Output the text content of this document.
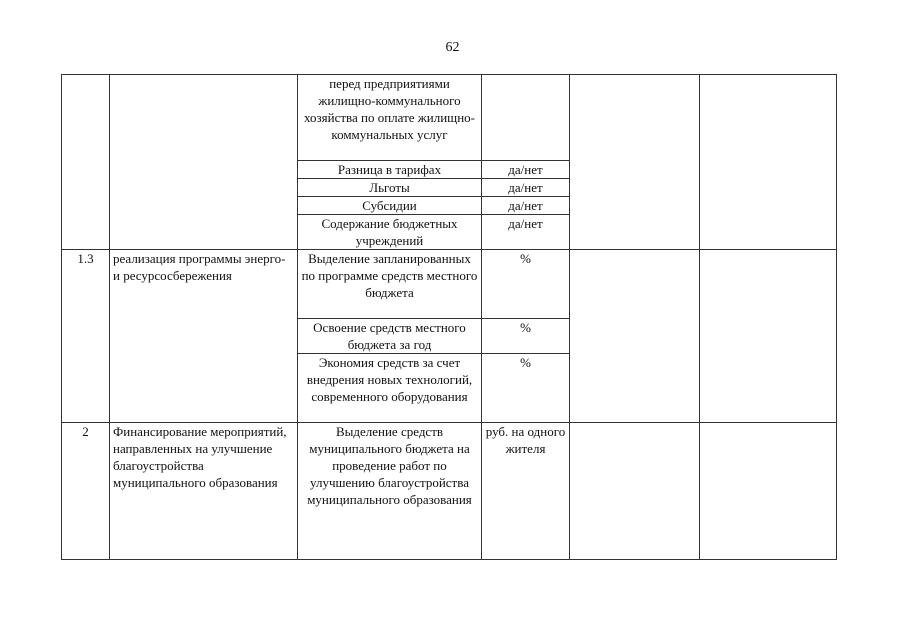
62
		перед предприятиями жилищно-коммунального хозяйства по оплате жилищно-коммунальных услуг			
		Разница в тарифах	да/нет		
		Льготы	да/нет		
		Субсидии	да/нет		
		Содержание бюджетных учреждений	да/нет		
1.3	реализация программы энерго- и ресурсосбережения	Выделение запланированных по программе средств местного бюджета	%		
		Освоение средств местного бюджета за год	%		
		Экономия средств за счет внедрения новых технологий, современного оборудования	%		
2	Финансирование мероприятий, направленных на улучшение благоустройства муниципального образования	Выделение средств муниципального бюджета на проведение работ по улучшению благоустройства муниципального образования	руб. на одного жителя		
